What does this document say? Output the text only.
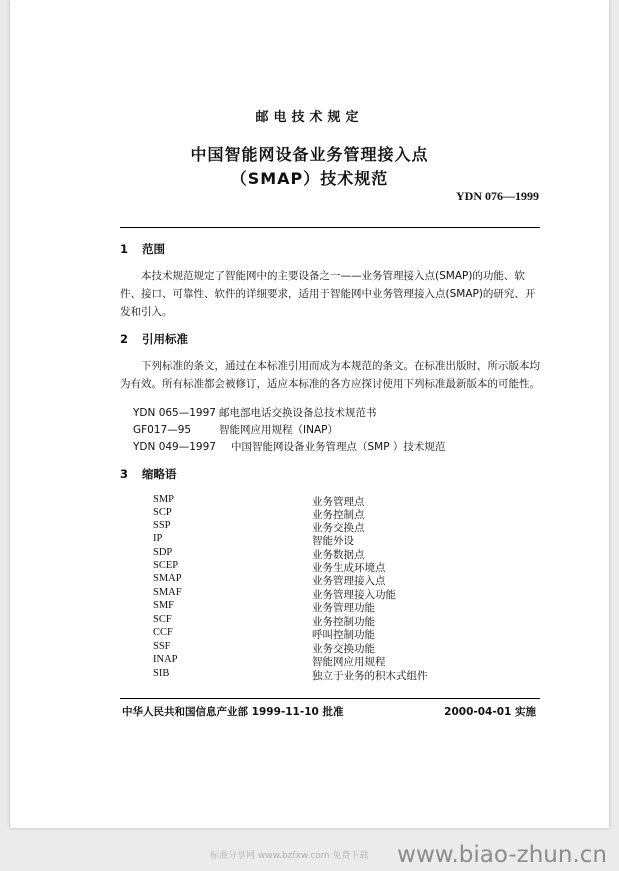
邮电技术规定
中国智能网设备业务管理接入点
（SMAP）技术规范
YDN 076—1999
1 范围
本技术规范规定了智能网中的主要设备之一——业务管理接入点(SMAP)的功能、软件、接口、可靠性、软件的详细要求，适用于智能网中业务管理接入点(SMAP)的研究、开发和引入。
2 引用标准
下列标准的条文，通过在本标准引用而成为本规范的条文。在标准出版时，所示版本均为有效。所有标准都会被修订，适应本标准的各方应探讨使用下列标准最新版本的可能性。
YDN 065—1997 邮电部电话交换设备总技术规范书
GF017—95	智能网应用规程（INAP）
YDN 049—1997 中国智能网设备业务管理点（SMP ）技术规范
3 缩略语
SMP	业务管理点
SCP	业务控制点
SSP	业务交换点
IP	智能外设
SDP	业务数据点
SCEP	业务生成环境点
SMAP	业务管理接入点
SMAF	业务管理接入功能
SMF	业务管理功能
SCF	业务控制功能
CCF	呼叫控制功能
SSF	业务交换功能
INAP	智能网应用规程
SIB	独立于业务的积木式组件
中华人民共和国信息产业部 1999-11-10 批准	2000-04-01 实施
标准分享网 www.bzfxw.com 免费下载 www.biao-zhun.cn
